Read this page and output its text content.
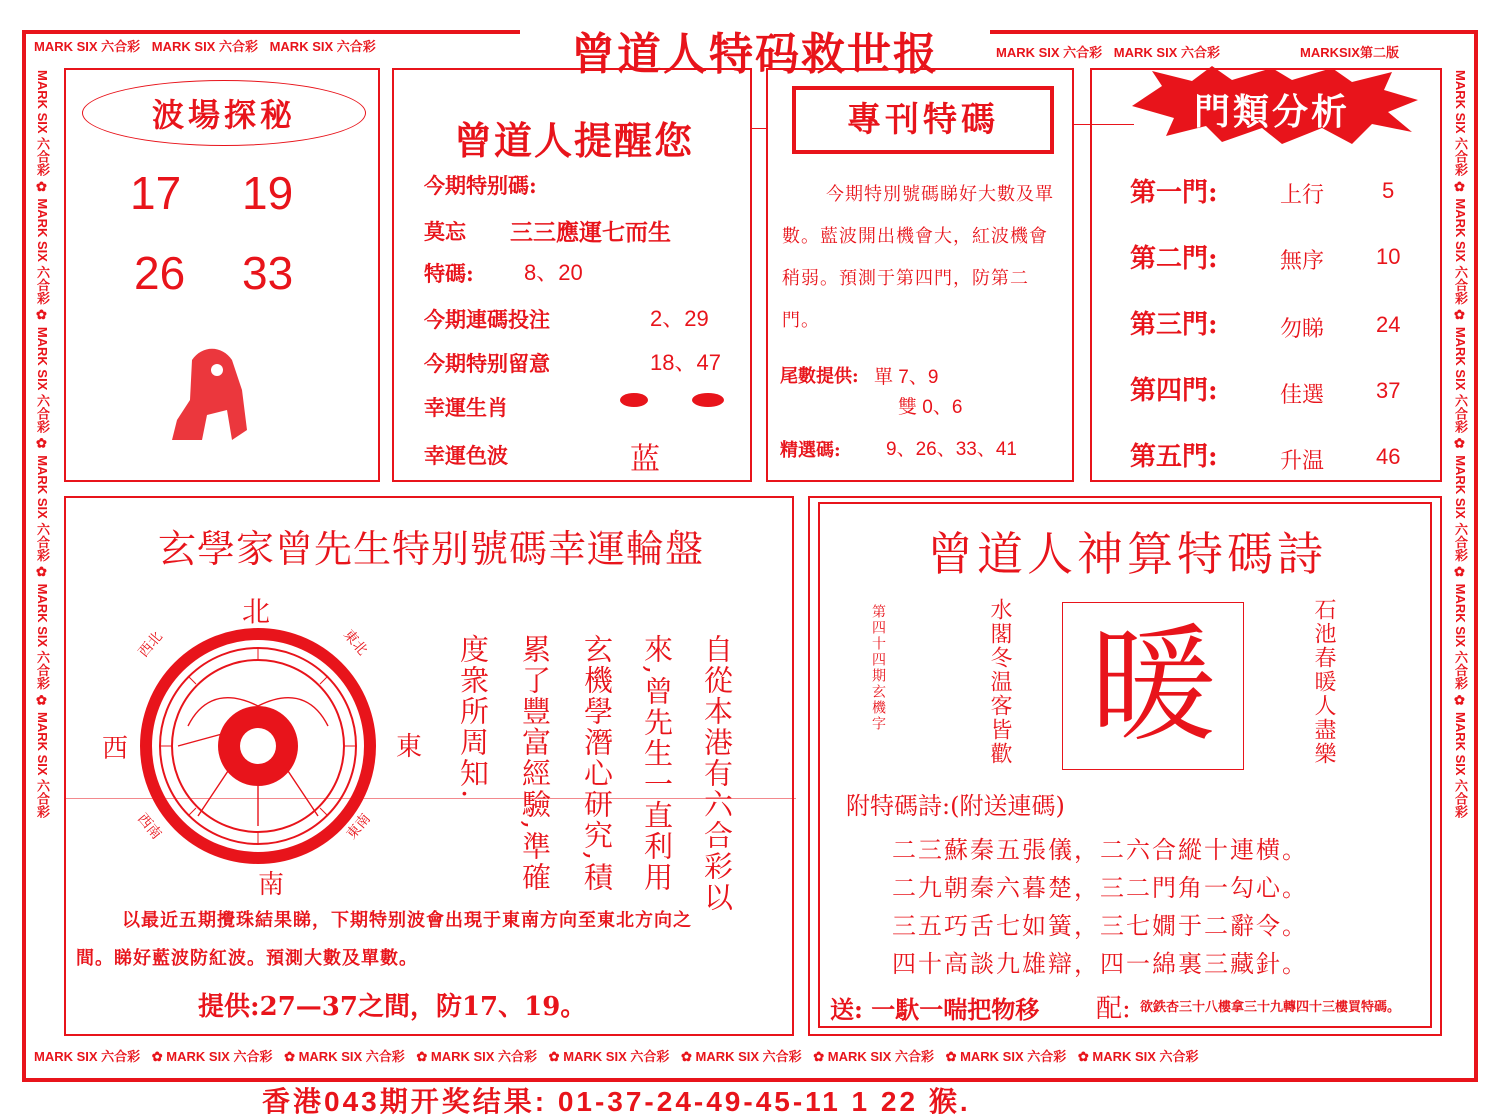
MARK SIX 六合彩 MARK SIX 六合彩 MARK SIX 六合彩	MARK SIX 六合彩 MARK SIX 六合彩	MARKSIX第二版
曾道人特码救世报
MARK SIX 六合彩 ✿ MARK SIX 六合彩 ✿ MARK SIX 六合彩 ✿ MARK SIX 六合彩 ✿ MARK SIX 六合彩 ✿ MARK SIX 六合彩
MARK SIX 六合彩 ✿ MARK SIX 六合彩 ✿ MARK SIX 六合彩 ✿ MARK SIX 六合彩 ✿ MARK SIX 六合彩 ✿ MARK SIX 六合彩
MARK SIX 六合彩 ✿ MARK SIX 六合彩 ✿ MARK SIX 六合彩 ✿ MARK SIX 六合彩 ✿ MARK SIX 六合彩 ✿ MARK SIX 六合彩 ✿ MARK SIX 六合彩 ✿ MARK SIX 六合彩 ✿ MARK SIX 六合彩
波場探秘
17 19
26 33
曾道人提醒您
今期特别碼:
莫忘 三三應運七而生
特碼: 8、20
今期連碼投注	2、29
今期特别留意	18、47
幸運生肖
幸運色波	蓝
專刊特碼
今期特別號碼睇好大數及單數。藍波開出機會大，紅波機會稍弱。預測于第四門，防第二門。
尾數提供: 單 7、9
雙 0、6
精選碼: 9、26、33、41
門類分析
第一門:	上行	5
第二門:	無序 10
第三門:	勿睇 24
第四門:	佳選 37
第五門:	升温 46
玄學家曾先生特别號碼幸運輪盤
北
南
東
西
西北	東北
西南	東南	自從本港有六合彩以
來,曾先生一直利用
玄機學潛心研究,積
累了豐富經驗,準確
度衆所周知.
以最近五期攪珠結果睇，下期特别波會出現于東南方向至東北方向之
間。睇好藍波防紅波。預測大數及單數。
提供:27—37之間，防17、19。
曾道人神算特碼詩
第四十四期玄機字	水閣冬温客皆歡 暖	石池春暖人盡樂
附特碼詩:(附送連碼)
二三蘇秦五張儀，二六合縱十連横。
二九朝秦六暮楚，三二門角一勾心。
三五巧舌七如簧，三七嫺于二辭令。
四十高談九雄辯，四一綿裏三藏針。
送: 一馱一喘把物移 配: 欲鉄杏三十八樓拿三十九轉四十三樓買特碼。
香港043期开奖结果: 01-37-24-49-45-11 1 22 猴.
